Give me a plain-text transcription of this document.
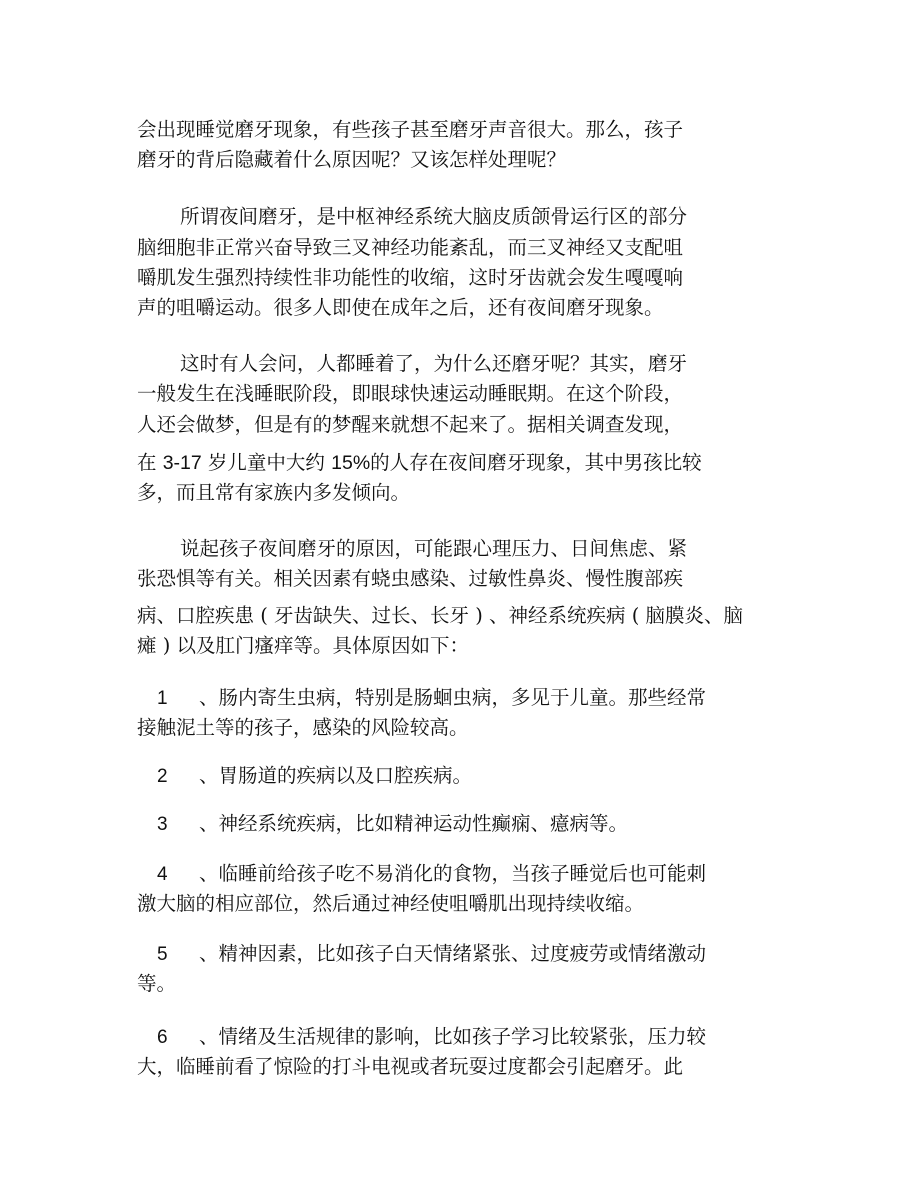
会出现睡觉磨牙现象，有些孩子甚至磨牙声音很大。那么，孩子
磨牙的背后隐藏着什么原因呢？又该怎样处理呢？
所谓夜间磨牙，是中枢神经系统大脑皮质颌骨运行区的部分
脑细胞非正常兴奋导致三叉神经功能紊乱，而三叉神经又支配咀
嚼肌发生强烈持续性非功能性的收缩，这时牙齿就会发生嘎嘎响
声的咀嚼运动。很多人即使在成年之后，还有夜间磨牙现象。
这时有人会问，人都睡着了，为什么还磨牙呢？其实，磨牙
一般发生在浅睡眠阶段，即眼球快速运动睡眠期。在这个阶段，
人还会做梦，但是有的梦醒来就想不起来了。据相关调查发现，
在 3-17 岁儿童中大约 15%的人存在夜间磨牙现象，其中男孩比较
多，而且常有家族内多发倾向。
说起孩子夜间磨牙的原因，可能跟心理压力、日间焦虑、紧
张恐惧等有关。相关因素有蛲虫感染、过敏性鼻炎、慢性腹部疾
病、口腔疾患 ( 牙齿缺失、过长、长牙 ) 、神经系统疾病 ( 脑膜炎、脑
瘫 ) 以及肛门瘙痒等。具体原因如下：
1 、肠内寄生虫病，特别是肠蛔虫病，多见于儿童。那些经常
接触泥土等的孩子，感染的风险较高。
2 、胃肠道的疾病以及口腔疾病。
3 、神经系统疾病，比如精神运动性癫痫、癔病等。
4 、临睡前给孩子吃不易消化的食物，当孩子睡觉后也可能刺
激大脑的相应部位，然后通过神经使咀嚼肌出现持续收缩。
5 、精神因素，比如孩子白天情绪紧张、过度疲劳或情绪激动
等。
6 、情绪及生活规律的影响，比如孩子学习比较紧张，压力较
大，临睡前看了惊险的打斗电视或者玩耍过度都会引起磨牙。此
